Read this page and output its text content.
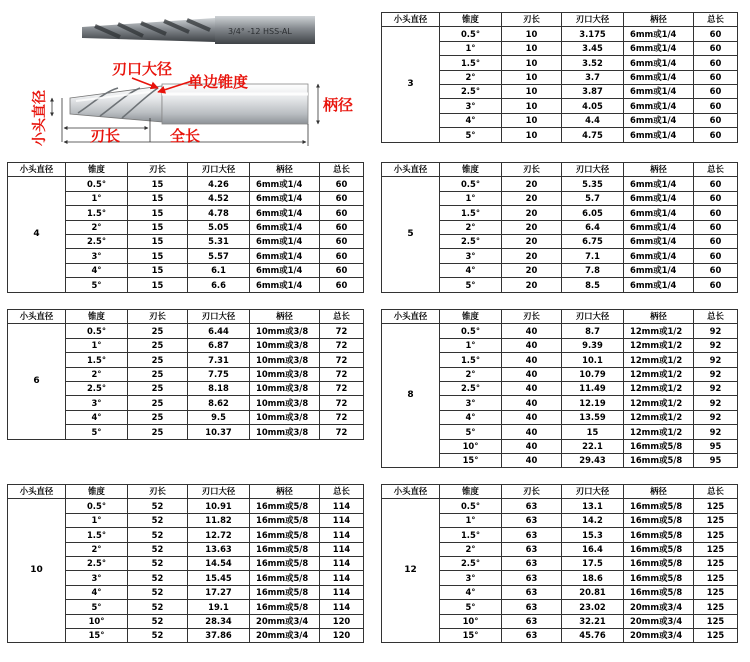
3/4° -12 HSS-AL
刃口大径
单边锥度
小头直径	柄径
刃长	全长
小头直径	锥度	刃长	刃口大径	柄径	总长
3	0.5°	10	3.175	6mm或1/4	60
	1°	10	3.45	6mm或1/4	60
	1.5°	10	3.52	6mm或1/4	60
	2°	10	3.7	6mm或1/4	60
	2.5°	10	3.87	6mm或1/4	60
	3°	10	4.05	6mm或1/4	60
	4°	10	4.4	6mm或1/4	60
	5°	10	4.75	6mm或1/4	60
小头直径	锥度	刃长	刃口大径	柄径	总长
4	0.5°	15	4.26	6mm或1/4	60
	1°	15	4.52	6mm或1/4	60
	1.5°	15	4.78	6mm或1/4	60
	2°	15	5.05	6mm或1/4	60
	2.5°	15	5.31	6mm或1/4	60
	3°	15	5.57	6mm或1/4	60
	4°	15	6.1	6mm或1/4	60
	5°	15	6.6	6mm或1/4	60
小头直径	锥度	刃长	刃口大径	柄径	总长
5	0.5°	20	5.35	6mm或1/4	60
	1°	20	5.7	6mm或1/4	60
	1.5°	20	6.05	6mm或1/4	60
	2°	20	6.4	6mm或1/4	60
	2.5°	20	6.75	6mm或1/4	60
	3°	20	7.1	6mm或1/4	60
	4°	20	7.8	6mm或1/4	60
	5°	20	8.5	6mm或1/4	60
小头直径	锥度	刃长	刃口大径	柄径	总长
6	0.5°	25	6.44	10mm或3/8	72
	1°	25	6.87	10mm或3/8	72
	1.5°	25	7.31	10mm或3/8	72
	2°	25	7.75	10mm或3/8	72
	2.5°	25	8.18	10mm或3/8	72
	3°	25	8.62	10mm或3/8	72
	4°	25	9.5	10mm或3/8	72
	5°	25	10.37	10mm或3/8	72
小头直径	锥度	刃长	刃口大径	柄径	总长
8	0.5°	40	8.7	12mm或1/2	92
	1°	40	9.39	12mm或1/2	92
	1.5°	40	10.1	12mm或1/2	92
	2°	40	10.79	12mm或1/2	92
	2.5°	40	11.49	12mm或1/2	92
	3°	40	12.19	12mm或1/2	92
	4°	40	13.59	12mm或1/2	92
	5°	40	15	12mm或1/2	92
	10°	40	22.1	16mm或5/8	95
	15°	40	29.43	16mm或5/8	95
小头直径	锥度	刃长	刃口大径	柄径	总长
10	0.5°	52	10.91	16mm或5/8	114
	1°	52	11.82	16mm或5/8	114
	1.5°	52	12.72	16mm或5/8	114
	2°	52	13.63	16mm或5/8	114
	2.5°	52	14.54	16mm或5/8	114
	3°	52	15.45	16mm或5/8	114
	4°	52	17.27	16mm或5/8	114
	5°	52	19.1	16mm或5/8	114
	10°	52	28.34	20mm或3/4	120
	15°	52	37.86	20mm或3/4	120
小头直径	锥度	刃长	刃口大径	柄径	总长
12	0.5°	63	13.1	16mm或5/8	125
	1°	63	14.2	16mm或5/8	125
	1.5°	63	15.3	16mm或5/8	125
	2°	63	16.4	16mm或5/8	125
	2.5°	63	17.5	16mm或5/8	125
	3°	63	18.6	16mm或5/8	125
	4°	63	20.81	16mm或5/8	125
	5°	63	23.02	20mm或3/4	125
	10°	63	32.21	20mm或3/4	125
	15°	63	45.76	20mm或3/4	125
